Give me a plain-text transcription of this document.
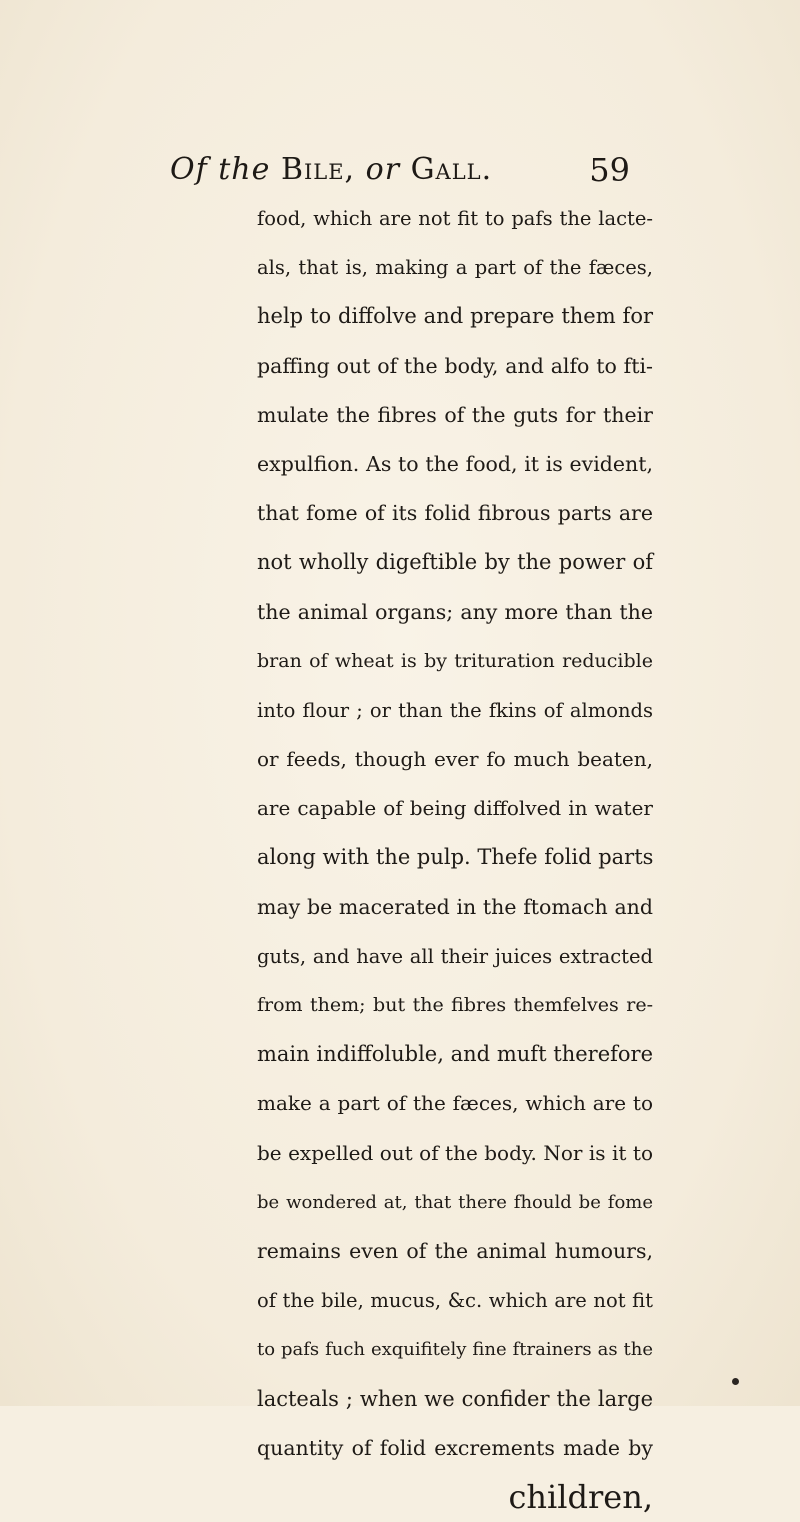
Of the Bile, or Gall.	59
food, which are not fit to pafs the lacte-
als, that is, making a part of the fæces,
help to diffolve and prepare them for
paffing out of the body, and alfo to fti-
mulate the fibres of the guts for their
expulfion. As to the food, it is evident,
that fome of its folid fibrous parts are
not wholly digeftible by the power of
the animal organs; any more than the
bran of wheat is by trituration reducible
into flour ; or than the fkins of almonds
or feeds, though ever fo much beaten,
are capable of being diffolved in water
along with the pulp. Thefe folid parts
may be macerated in the ftomach and
guts, and have all their juices extracted
from them; but the fibres themfelves re-
main indiffoluble, and muft therefore
make a part of the fæces, which are to
be expelled out of the body. Nor is it to
be wondered at, that there fhould be fome
remains even of the animal humours,
of the bile, mucus, &c. which are not fit
to pafs fuch exquifitely fine ftrainers as the
lacteals ; when we confider the large
quantity of folid excrements made by
children,
